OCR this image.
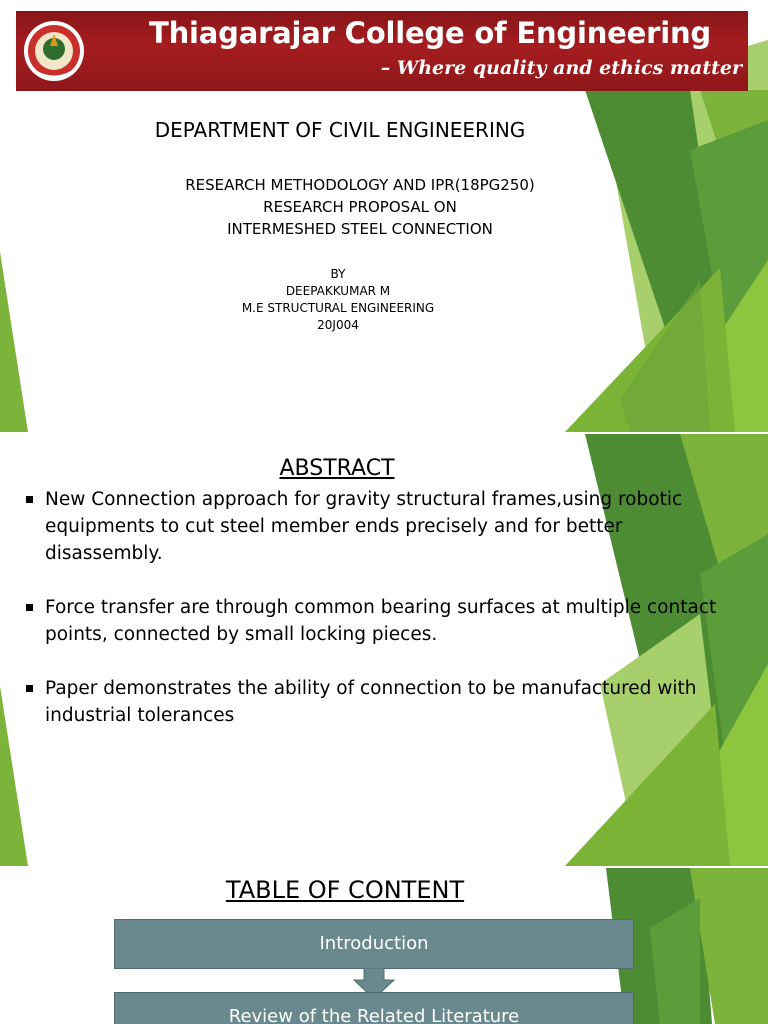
Thiagarajar College of Engineering
– Where quality and ethics matter
DEPARTMENT OF CIVIL ENGINEERING
RESEARCH METHODOLOGY AND IPR(18PG250)
RESEARCH PROPOSAL ON
INTERMESHED STEEL CONNECTION
BY
DEEPAKKUMAR M
M.E STRUCTURAL ENGINEERING
20J004
ABSTRACT
New Connection approach for gravity structural frames,using robotic equipments to cut steel member ends precisely and for better disassembly.
Force transfer are through common bearing surfaces at multiple contact points, connected by small locking pieces.
Paper demonstrates the ability of connection to be manufactured with industrial tolerances
TABLE OF CONTENT
Introduction
Review of the Related Literature
